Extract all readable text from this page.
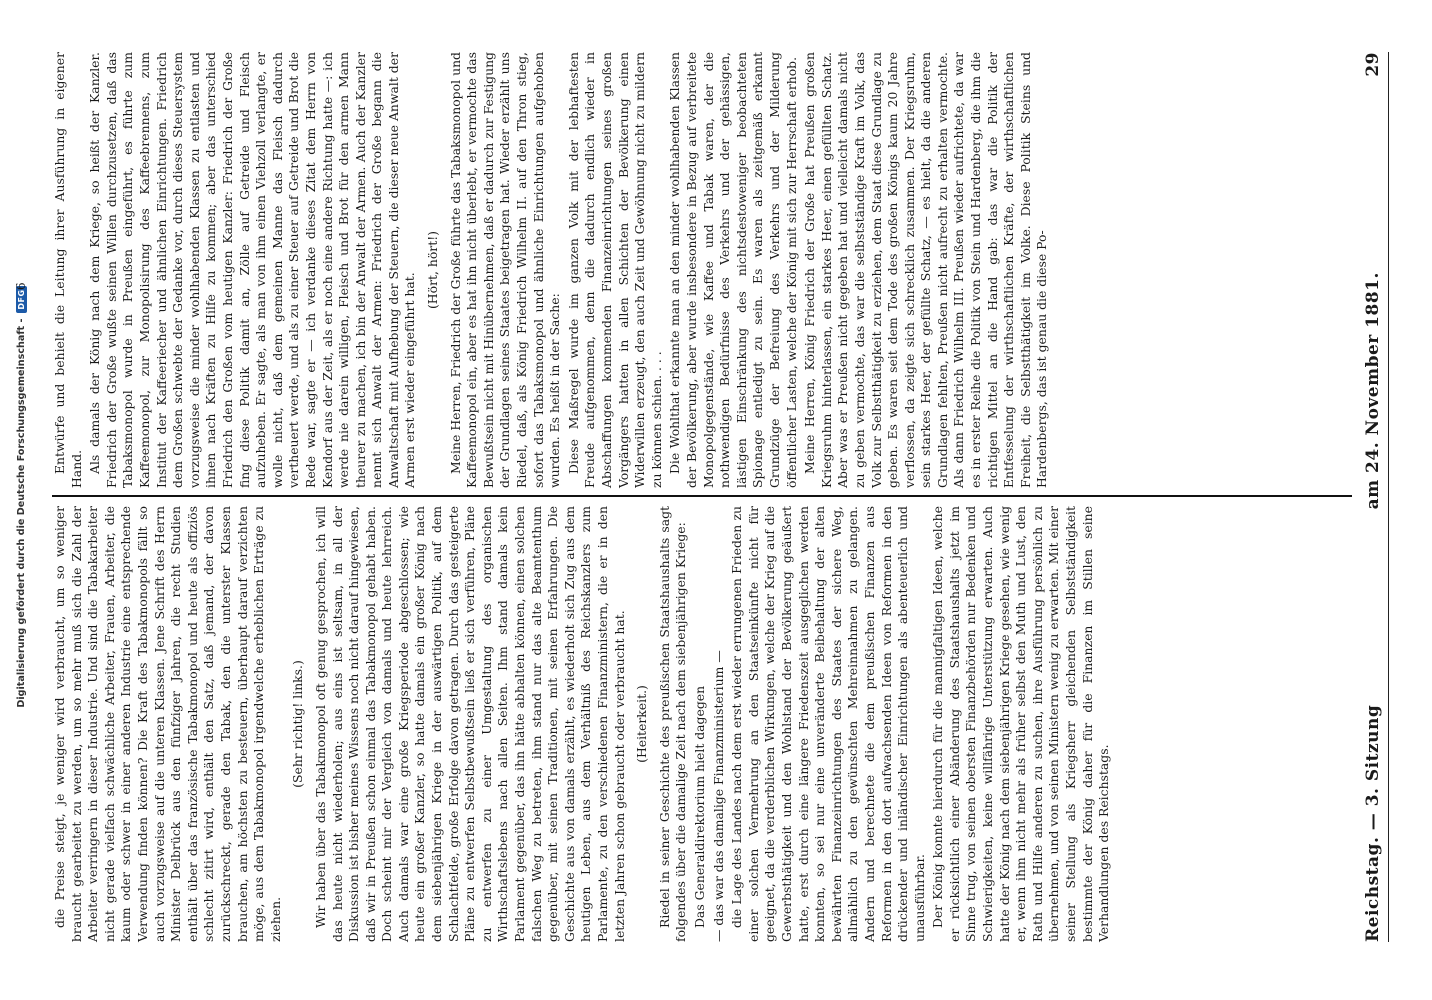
Reichstag. — 3. Sitzung
am 24. November 1881.
29

die Preise steigt, je weniger wird verbraucht, um so weniger braucht gearbeitet zu werden, um so mehr muß sich die Zahl der Arbeiter verringern in dieser Industrie. Und sind die Tabakarbeiter nicht gerade vielfach schwächliche Arbeiter, Frauen, Arbeiter, die kaum oder schwer in einer anderen Industrie eine entsprechende Verwendung finden können? Die Kraft des Tabakmonopols fällt so auch vorzugsweise auf die unteren Klassen. Jene Schrift des Herrn Minister Delbrück aus den fünfziger Jahren, die recht Studien enthält über das französische Tabakmonopol und heute als offiziös schlecht zitirt wird, enthält den Satz, daß jemand, der davon zurückschreckt, gerade den Tabak, den die unterster Klassen brauchen, am höchsten zu besteuern, überhaupt darauf verzichten möge, aus dem Tabakmonopol irgendwelche erheblichen Erträge zu ziehen.

(Sehr richtig! links.) Wir haben über das Tabakmonopol oft genug gesprochen, ich will das heute nicht wiederholen; aus eins ist seltsam, in all der Diskussion ist bisher meines Wissens noch nicht darauf hingewiesen, daß wir in Preußen schon einmal das Tabakmonopol gehabt haben. Doch scheint mir der Vergleich von damals und heute lehrreich. Auch damals war eine große Kriegsperiode abgeschlossen; wie heute ein großer Kanzler, so hatte damals ein großer König nach dem siebenjährigen Kriege in der auswärtigen Politik, auf dem Schlachtfelde, große Erfolge davon getragen. Durch das gesteigerte Pläne zu entwerfen Selbstbewußtsein ließ er sich verführen, Pläne zu entwerfen zu einer Umgestaltung des organischen Wirthschaftslebens nach allen Seiten. Ihm stand damals kein Parlament gegenüber, das ihn hätte abhalten können, einen solchen falschen Weg zu betreten, ihm stand nur das alte Beamtenthum gegenüber, mit seinen Traditionen, mit seinen Erfahrungen. Die Geschichte aus von damals erzählt, es wiederholt sich Zug aus dem heutigen Leben, aus dem Verhältniß des Reichskanzlers zum Parlamente, zu den verschiedenen Finanzministern, die er in den letzten Jahren schon gebraucht oder verbraucht hat. (Heiterkeit.) Riedel in seiner Geschichte des preußischen Staatshaushalts sagt folgendes über die damalige Zeit nach dem siebenjährigen Kriege: Das Generaldirektorium hielt dagegen — das war das damalige Finanzministerium — die Lage des Landes nach dem erst wieder errungenen Frieden zu einer solchen Vermehrung an den Staatseinkünfte nicht für geeignet, da die verderblichen Wirkungen, welche der Krieg auf die Gewerbsthätigkeit und den Wohlstand der Bevölkerung geäußert hatte, erst durch eine längere Friedenszeit ausgeglichen werden konnten, so sei nur eine unveränderte Beibehaltung der alten bewährten Finanzeinrichtungen des Staates der sichere Weg, allmählich zu den gewünschten Mehreinnahmen zu gelangen. Andern und berechnete die dem preußischen Finanzen aus Reformen in den dort aufwachsenden Ideen von Reformen in den drückender und inländischer Einrichtungen als abenteuerlich und unausführbar. Der König konnte hierdurch für die mannigfaltigen Ideen, welche er rücksichtlich einer Abänderung des Staatshaushalts jetzt im Sinne trug, von seinen obersten Finanzbehörden nur Bedenken und Schwierigkeiten, keine willfährige Unterstützung erwarten. Auch hatte der König nach dem siebenjährigen Kriege gesehen, wie wenig er, wenn ihm nicht mehr als früher selbst den Muth und Lust, den Rath und Hilfe anderen zu suchen, ihre Ausführung persönlich zu übernehmen, und von seinen Ministern wenig zu erwarten. Mit einer seiner Stellung als Kriegsherr gleichenden Selbstständigkeit bestimmte der König daher für die Finanzen im Stillen seine Verhandlungen des Reichstags.

Entwürfe und behielt die Leitung ihrer Ausführung in eigener Hand. Als damals der König nach dem Kriege, so heißt der Kanzler. Friedrich der Große wußte seinen Willen durchzusetzen, daß das Tabaksmonopol wurde in Preußen eingeführt, es führte zum Kaffeemonopol, zur Monopolisirung des Kaffeebrennens, zum Institut der Kaffeeriecher und ähnlichen Einrichtungen. Friedrich dem Großen schwebte der Gedanke vor, durch dieses Steuersystem vorzugsweise die minder wohlhabenden Klassen zu entlasten und ihnen nach Kräften zu Hilfe zu kommen; aber das unterschied Friedrich den Großen vom heutigen Kanzler: Friedrich der Große fing diese Politik damit an, Zölle auf Getreide und Fleisch aufzuheben. Er sagte, als man von ihm einen Viehzoll verlangte, er wolle nicht, daß dem gemeinen Manne das Fleisch dadurch vertheuert werde, und als zu einer Steuer auf Getreide und Brot die Rede war, sagte er — ich verdanke dieses Zitat dem Herrn von Kendorf aus der Zeit, als er noch eine andere Richtung hatte —: ich werde nie darein willigen, Fleisch und Brot für den armen Mann theurer zu machen, ich bin der Anwalt der Armen. Auch der Kanzler nennt sich Anwalt der Armen: Friedrich der Große begann die Anwaltschaft mit Aufhebung der Steuern, die dieser neue Anwalt der Armen erst wieder eingeführt hat.

(Hört, hört!) Meine Herren, Friedrich der Große führte das Tabaksmonopol und Kaffeemonopol ein, aber es hat ihn nicht überlebt, er vermochte das Bewußtsein nicht mit Hinübernehmen, daß er dadurch zur Festigung der Grundlagen seines Staates beigetragen hat. Wieder erzählt uns Riedel, daß, als König Friedrich Wilhelm II. auf den Thron stieg, sofort das Tabaksmonopol und ähnliche Einrichtungen aufgehoben wurden. Es heißt in der Sache: Diese Maßregel wurde im ganzen Volk mit der lebhaftesten Freude aufgenommen, denn die dadurch endlich wieder in Abschaffungen kommenden Finanzeinrichtungen seines großen Vorgängers hatten in allen Schichten der Bevölkerung einen Widerwillen erzeugt, den auch Zeit und Gewöhnung nicht zu mildern zu können schien. . . . Die Wohlthat erkannte man an den minder wohlhabenden Klassen der Bevölkerung, aber wurde insbesondere in Bezug auf verbreitete Monopolgegenstände, wie Kaffee und Tabak waren, der die nothwendigen Bedürfnisse des Verkehrs und der gehässigen, lästigen Einschränkung des nichtsdestoweniger beobachteten Spionage entledigt zu sein. Es waren als zeitgemäß erkannt Grundzüge der Befreiung des Verkehrs und der Milderung öffentlicher Lasten, welche der König mit sich zur Herrschaft erhob. Meine Herren, König Friedrich der Große hat Preußen großen Kriegsruhm hinterlassen, ein starkes Heer, einen gefüllten Schatz. Aber was er Preußen nicht gegeben hat und vielleicht damals nicht zu geben vermochte, das war die selbstständige Kraft im Volk, das Volk zur Selbstthätigkeit zu erziehen, dem Staat diese Grundlage zu geben. Es waren seit dem Tode des großen Königs kaum 20 Jahre verflossen, da zeigte sich schrecklich zusammen. Der Kriegsruhm, sein starkes Heer, der gefüllte Schatz, — es hielt, da die anderen Grundlagen fehlten, Preußen nicht aufrecht zu erhalten vermochte. Als dann Friedrich Wilhelm III. Preußen wieder aufrichtete, da war es in erster Reihe die Politik von Stein und Hardenberg, die ihm die richtigen Mittel an die Hand gab: das war die Politik der Entfesselung der wirthschaftlichen Kräfte, der wirthschaftlichen Freiheit, die Selbstthätigkeit im Volke. Diese Politik Steins und Hardenbergs, das ist genau die diese Po-

Digitalisierung gefördert durch die Deutsche Forschungsgemeinschaft -
DFG
6
